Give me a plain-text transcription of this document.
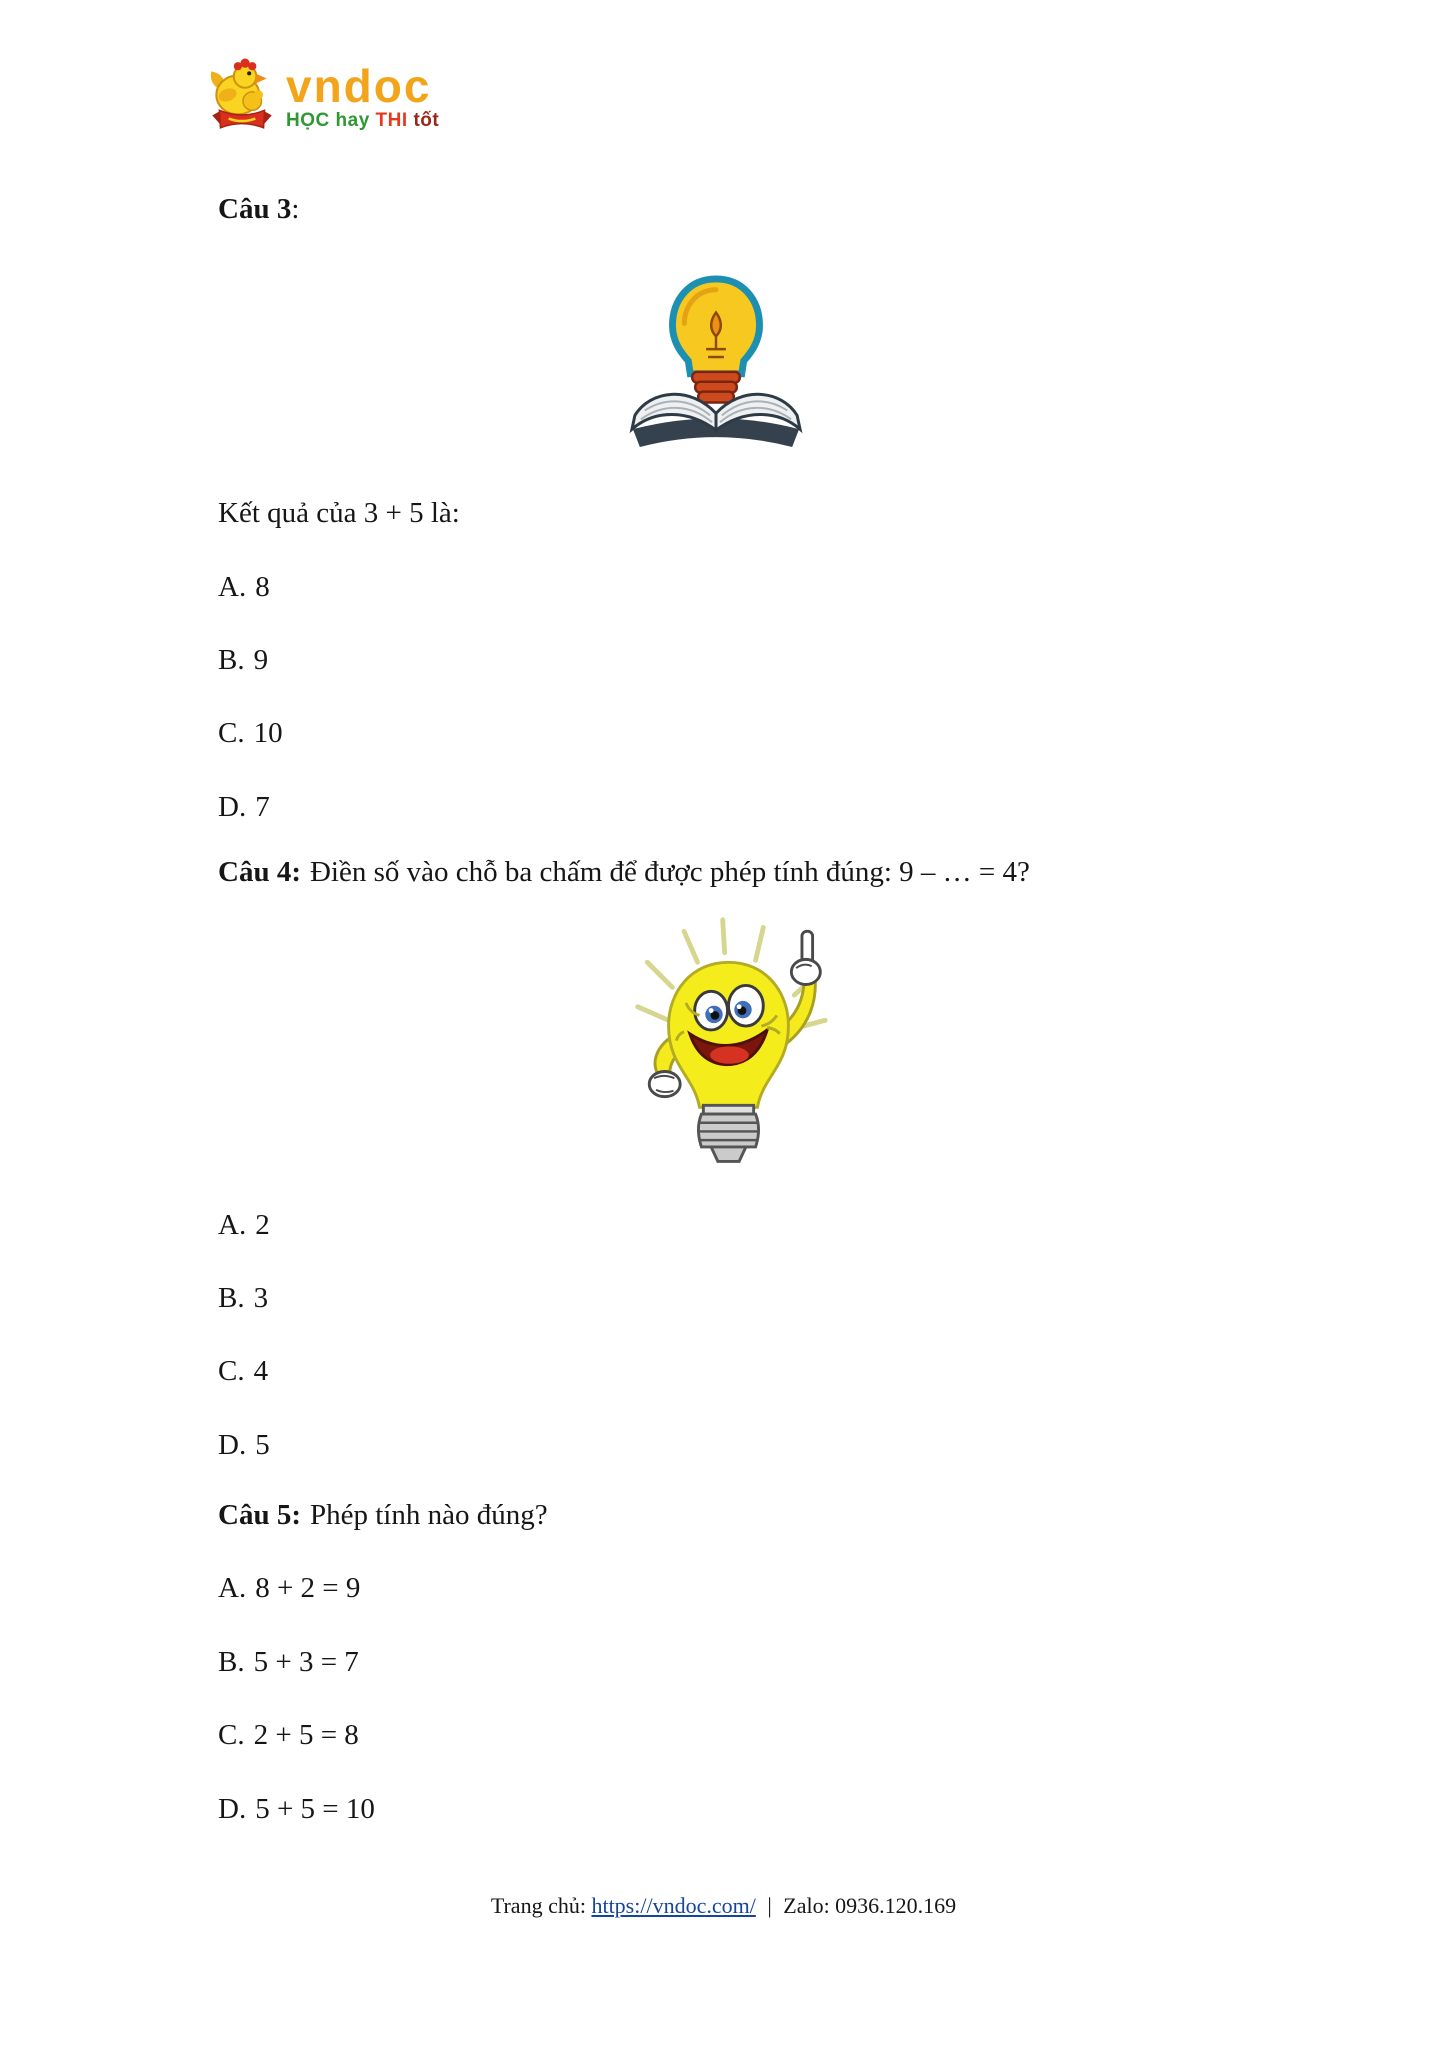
vndoc
HỌC hay THI tốt
Câu 3:

Kết quả của 3 + 5 là:

A. 8

B. 9

C. 10

D. 7

Câu 4: Điền số vào chỗ ba chấm để được phép tính đúng: 9 – … = 4?

A. 2

B. 3

C. 4

D. 5

Câu 5: Phép tính nào đúng?

A. 8 + 2 = 9

B. 5 + 3 = 7

C. 2 + 5 = 8

D. 5 + 5 = 10

Trang chủ: https://vndoc.com/ | Zalo: 0936.120.169
